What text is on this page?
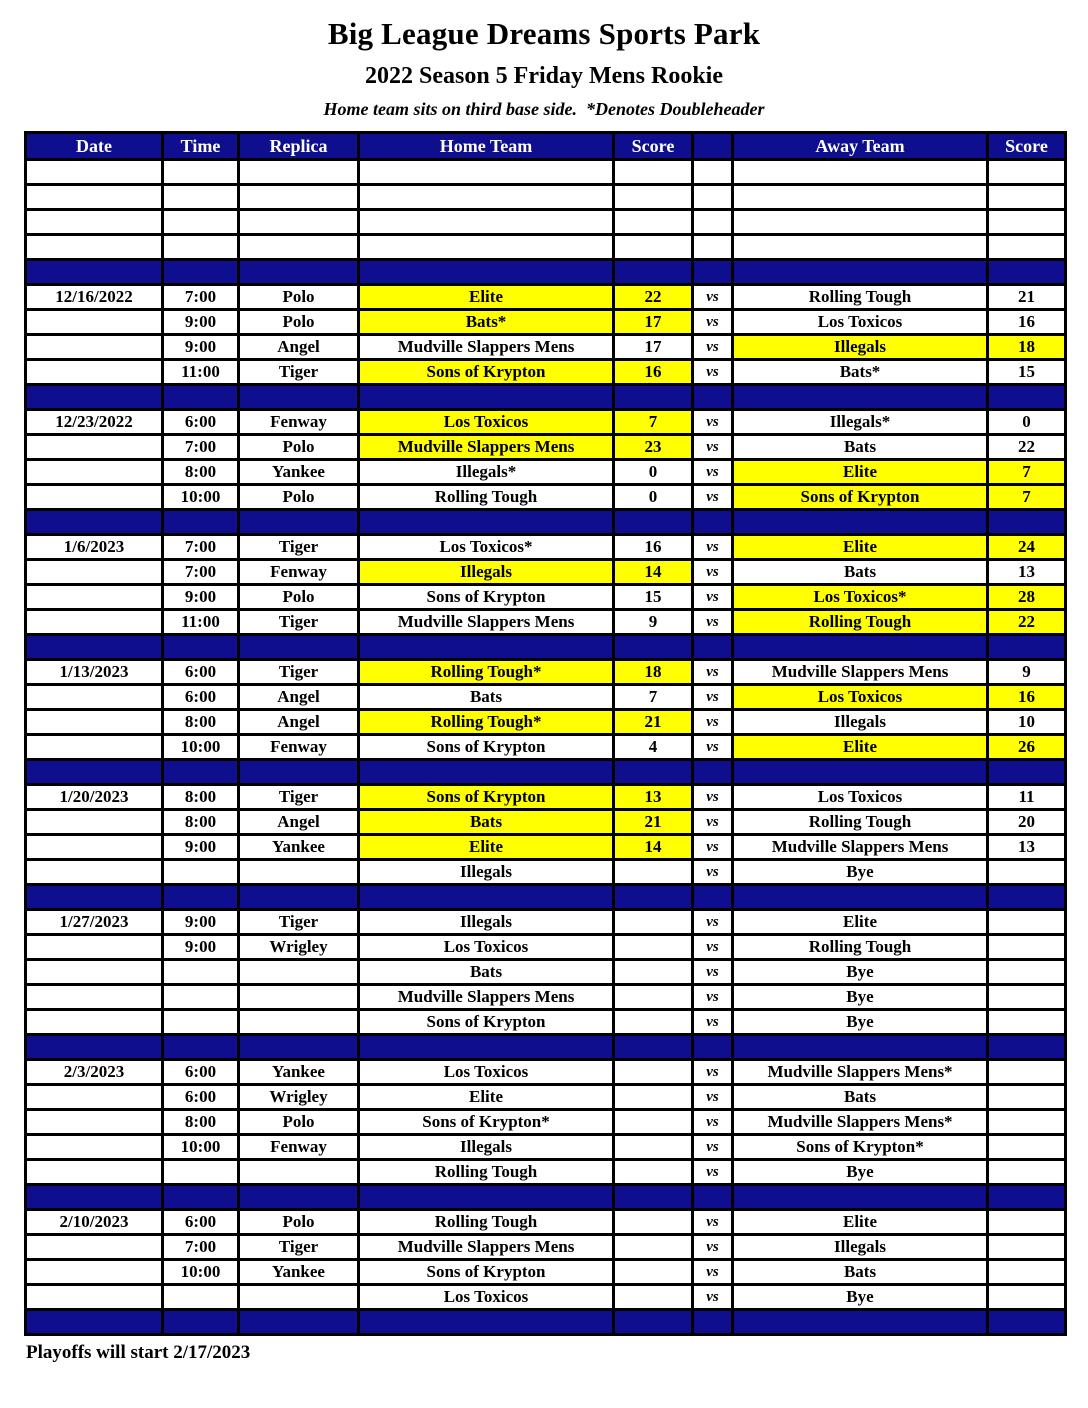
Big League Dreams Sports Park
2022 Season 5 Friday Mens Rookie
Home team sits on third base side.  *Denotes Doubleheader
Date	Time	Replica	Home Team	Score		Away Team	Score

12/16/2022	7:00	Polo	Elite	22	vs	Rolling Tough	21
	9:00	Polo	Bats*	17	vs	Los Toxicos	16
	9:00	Angel	Mudville Slappers Mens	17	vs	Illegals	18
	11:00	Tiger	Sons of Krypton	16	vs	Bats*	15

12/23/2022	6:00	Fenway	Los Toxicos	7	vs	Illegals*	0
	7:00	Polo	Mudville Slappers Mens	23	vs	Bats	22
	8:00	Yankee	Illegals*	0	vs	Elite	7
	10:00	Polo	Rolling Tough	0	vs	Sons of Krypton	7

1/6/2023	7:00	Tiger	Los Toxicos*	16	vs	Elite	24
	7:00	Fenway	Illegals	14	vs	Bats	13
	9:00	Polo	Sons of Krypton	15	vs	Los Toxicos*	28
	11:00	Tiger	Mudville Slappers Mens	9	vs	Rolling Tough	22

1/13/2023	6:00	Tiger	Rolling Tough*	18	vs	Mudville Slappers Mens	9
	6:00	Angel	Bats	7	vs	Los Toxicos	16
	8:00	Angel	Rolling Tough*	21	vs	Illegals	10
	10:00	Fenway	Sons of Krypton	4	vs	Elite	26

1/20/2023	8:00	Tiger	Sons of Krypton	13	vs	Los Toxicos	11
	8:00	Angel	Bats	21	vs	Rolling Tough	20
	9:00	Yankee	Elite	14	vs	Mudville Slappers Mens	13
			Illegals		vs	Bye	

1/27/2023	9:00	Tiger	Illegals		vs	Elite	
	9:00	Wrigley	Los Toxicos		vs	Rolling Tough	
			Bats		vs	Bye	
			Mudville Slappers Mens		vs	Bye	
			Sons of Krypton		vs	Bye	

2/3/2023	6:00	Yankee	Los Toxicos		vs	Mudville Slappers Mens*	
	6:00	Wrigley	Elite		vs	Bats	
	8:00	Polo	Sons of Krypton*		vs	Mudville Slappers Mens*	
	10:00	Fenway	Illegals		vs	Sons of Krypton*	
			Rolling Tough		vs	Bye	

2/10/2023	6:00	Polo	Rolling Tough		vs	Elite	
	7:00	Tiger	Mudville Slappers Mens		vs	Illegals	
	10:00	Yankee	Sons of Krypton		vs	Bats	
			Los Toxicos		vs	Bye	

Playoffs will start 2/17/2023
